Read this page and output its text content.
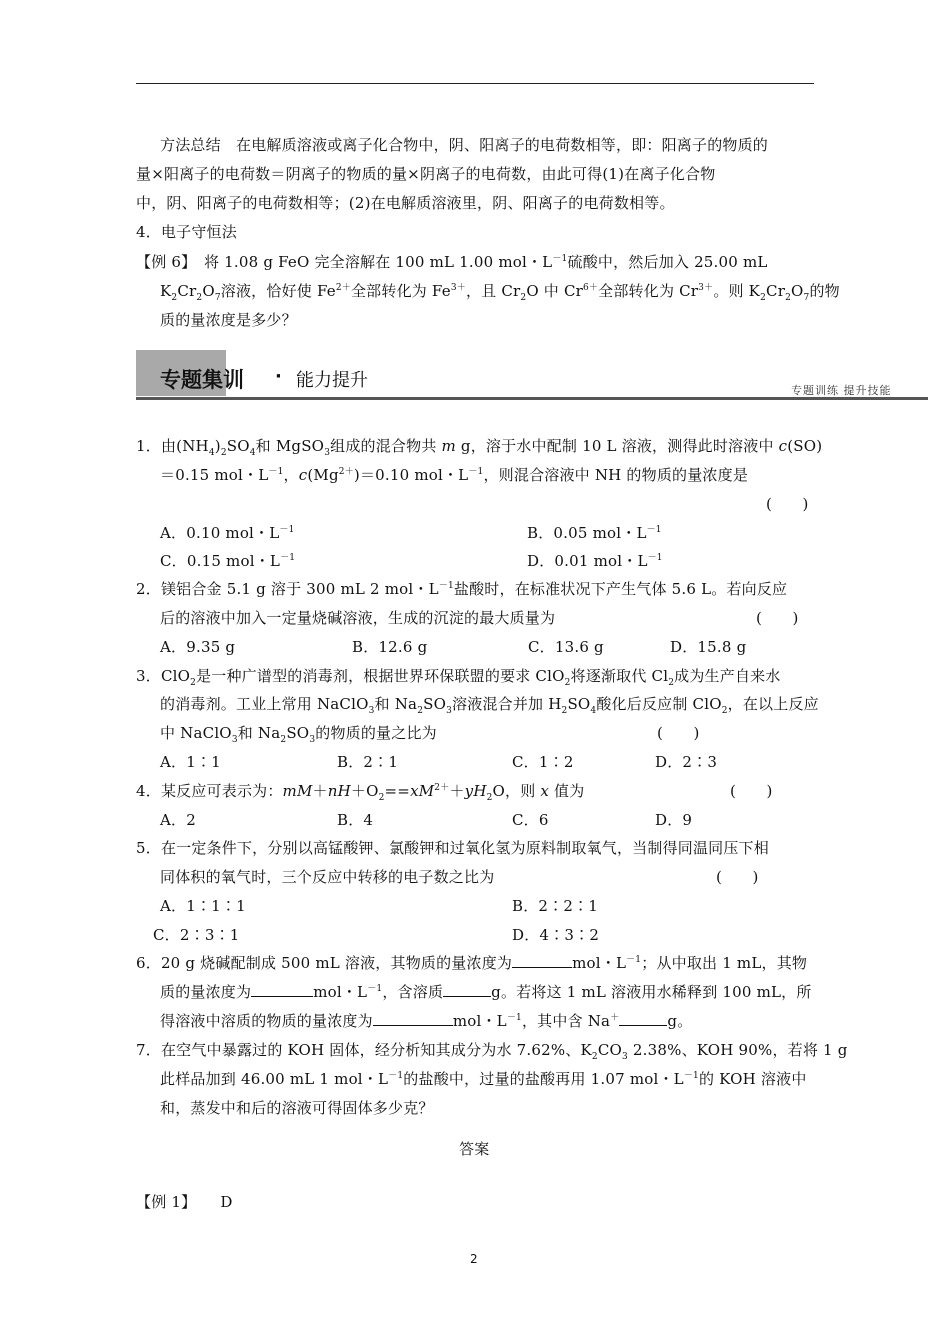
方法总结　在电解质溶液或离子化合物中，阴、阳离子的电荷数相等，即：阳离子的物质的
量×阳离子的电荷数＝阴离子的物质的量×阴离子的电荷数，由此可得(1)在离子化合物
中，阴、阳离子的电荷数相等；(2)在电解质溶液里，阴、阳离子的电荷数相等。
4．电子守恒法
【例 6】　将 1.08 g FeO 完全溶解在 100 mL 1.00 mol・$L^{-1}$硫酸中，然后加入 25.00 mL
$K_2Cr_2O_7$溶液，恰好使 $Fe^{2+}$全部转化为 $Fe^{3+}$，且 $Cr_2O$ 中 $Cr^{6+}$全部转化为 $Cr^{3+}$。则 $K_2Cr_2O_7$的物
质的量浓度是多少？
专题集训 · 能力提升	专题训练 提升技能
1．由$(NH_4)_2SO_4$和 MgSO$_3$组成的混合物共 m g，溶于水中配制 10 L 溶液，测得此时溶液中 c(SO)
＝0.15 mol・$L^{-1}$，$c(Mg^{2+})=0.10$ mol・$L^{-1}$，则混合溶液中 NH 的物质的量浓度是
(　　)
A．0.10 mol・$L^{-1}$	B．0.05 mol・$L^{-1}$
C．0.15 mol・$L^{-1}$	D．0.01 mol・$L^{-1}$
2．镁铝合金 5.1 g 溶于 300 mL 2 mol・$L^{-1}$盐酸时，在标准状况下产生气体 5.6 L。若向反应
后的溶液中加入一定量烧碱溶液，生成的沉淀的最大质量为	(　　)
A．9.35 g	B．12.6 g	C．13.6 g	D．15.8 g
3．ClO$_2$是一种广谱型的消毒剂，根据世界环保联盟的要求 ClO$_2$将逐渐取代 $Cl_2$成为生产自来水
的消毒剂。工业上常用 NaClO$_3$和 $Na_2SO_3$溶液混合并加 $H_2SO_4$酸化后反应制 ClO$_2$，在以上反应
中 NaClO$_3$和 $Na_2SO_3$的物质的量之比为	(　　)
A．1∶1	B．2∶1	C．1∶2	D．2∶3
4．某反应可表示为：$mM+nH+O_2==xM^{2+}+yH_2O$，则 x 值为	(　　)
A．2	B．4	C．6	D．9
5．在一定条件下，分别以高锰酸钾、氯酸钾和过氧化氢为原料制取氧气，当制得同温同压下相
同体积的氧气时，三个反应中转移的电子数之比为	(　　)
A．1∶1∶1	B．2∶2∶1
C．2∶3∶1	D．4∶3∶2
6．20 g 烧碱配制成 500 mL 溶液，其物质的量浓度为	mol・$L^{-1}$；从中取出 1 mL，其物
质的量浓度为	mol・$L^{-1}$，含溶质	g。若将这 1 mL 溶液用水稀释到 100 mL，所
得溶液中溶质的物质的量浓度为	mol・$L^{-1}$，其中含 Na＋	g。
7．在空气中暴露过的 KOH 固体，经分析知其成分为水 7.62%、$K_2CO_3$ 2.38%、KOH 90%，若将 1 g
此样品加到 46.00 mL 1 mol・$L^{-1}$的盐酸中，过量的盐酸再用 1.07 mol・$L^{-1}$的 KOH 溶液中
和，蒸发中和后的溶液可得固体多少克？
答案
【例 1】 D
2
